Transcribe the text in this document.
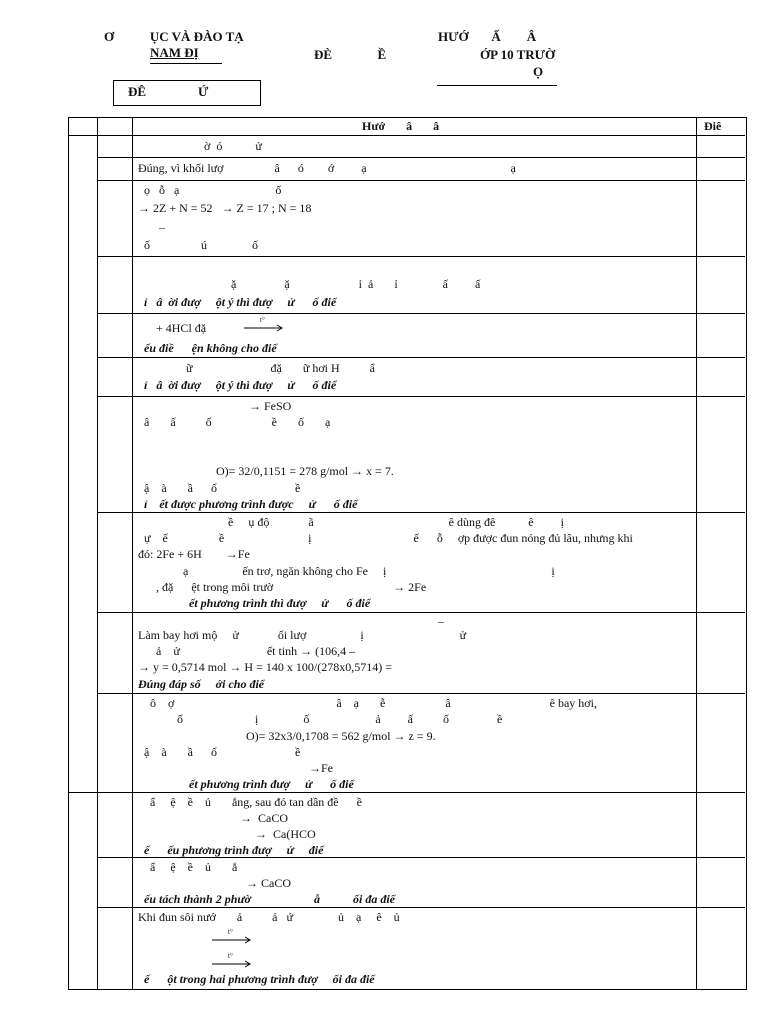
Ơ           ỤC VÀ ĐÀO TẠ
NAM ĐỊ	ĐÈ              Ề
HƯỚ       Ấ        Â
ỚP 10 TRƯỜ
Ọ
ĐÊ                Ứ
Hướ       â       â	Điê
ờ  ó           ử
Đúng, vì khối lượ                 â      ó        ớ         ạ                                                ạ
ọ   ỗ   ạ                                ố
→ 2Z + N = 52   → Z = 17 ; N = 18
–
ố                 ú               ố
ặ                ặ                       ỉ  ả       ỉ               ấ         ấ
ỉ   â  ời đượ     ột ý thì đượ     ử      ố điể
+ 4HCl đặ
t°
ếu điề      ện không cho điể
ữ                          đặ       ữ hơi H          ẩ
ỉ   â  ời đượ     ột ý thì đượ     ử      ố điể
→ FeSO
â       ấ          ố                    ề       ố       ạ
O)= 32/0,1151 = 278 g/mol → x = 7.
ậ    à       ầ      ố                          ề
ỉ    ết được phương trình được     ử      ố điể
ề     ụ độ             ã                                             ê dùng đê           ê         ị
ự    ế                 ề                            ị                                  ế      ỗ     ợp được đun nóng đủ lâu, nhưng khi
đó: 2Fe + 6H        →Fe
ạ                  ến trơ, ngăn không cho Fe     ị                                                       ị
, đặ      ệt trong môi trườ                                        → 2Fe
ết phương trình thì đượ     ử      ố điể
–
Làm bay hơi mộ     ử             ối lượ                  ị                                ử
ả    ử                             ết tinh → (106,4 –
→ y = 0,5714 mol → H = 140 x 100/(278x0,5714) =
Đúng đáp số     ới cho điể
ô    ợ                                                      â    ạ       ễ                    â                                 ê bay hơi,
ố                        ị               ố                      ả         ấ          ố                ề
O)= 32x3/0,1708 = 562 g/mol → z = 9.
ậ    à       ầ      ố                          ề
→Fe
ết phương trình đượ     ử      ố điể
ẩ     ệ    ề    ủ       ắng, sau đó tan dần đề      ề
→  CaCO
→  Ca(HCO
ế      ếu phương trình đượ     ử     điể
ẩ     ệ    ề    ủ       ắ
→ CaCO
ếu tách thành 2 phườ                     ẫ           ối đa điể
Khi đun sôi nướ       ả          ả   ứ               ủ    ạ     ê    ủ
t°
t°
ế      ột trong hai phương trình đượ     ối đa điể
